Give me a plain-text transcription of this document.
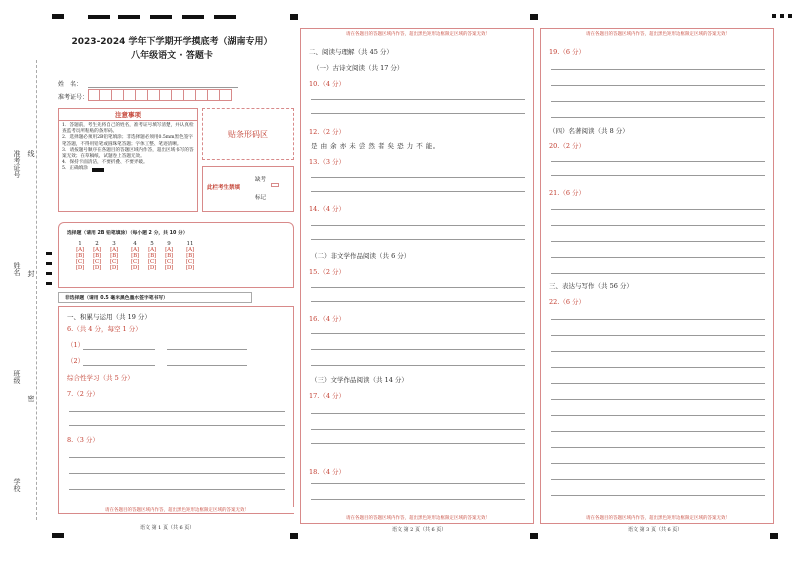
准考证号 线
姓名 封
班级
密
学校
2023-2024 学年下学期开学摸底考（湖南专用）
八年级语文 · 答题卡
姓　名：
准考证号：
注意事项
1．答题前，考生先将自己的姓名，准考证号填写清楚，并认真检查监考员所粘贴的条形码。
2．选择题必须用2B铅笔填涂；非选择题必须用0.5mm黑色签字笔答题，不得用铅笔或圆珠笔答题；字体工整、笔迹清晰。
3．请按题号顺序在各题目的答题区域内作答，超出区域书写的答案无效；在草稿纸、试题卷上答题无效。
4．保持卡面清洁，不要折叠、不要弄破。
5．正确填涂
贴条形码区
此栏考生禁填
缺考
标记
选择题（请用 2B 铅笔填涂）（每小题 2 分，共 10 分）
1
[A]
[B]
[C]
[D]
2
[A]
[B]
[C]
[D]
3
[A]
[B]
[C]
[D]
4
[A]
[B]
[C]
[D]
5
[A]
[B]
[C]
[D]
9
[A]
[B]
[C]
[D]
11
[A]
[B]
[C]
[D]
非选择题（请用 0.5 毫米黑色墨水签字笔书写）
一、积累与运用（共 19 分）
6.（共 4 分，每空 1 分）
（1）
（2）
综合性学习（共 5 分）
7.（2 分）
8.（3 分）
请在各题目的答题区域内作答，超出黑色矩形边框限定区域的答案无效！
语文 第 1 页（共 6 页）
请在各题目的答题区域内作答，超出黑色矩形边框限定区域的答案无效！
二、阅读与理解（共 45 分）
（一）古诗文阅读（共 17 分）
10.（4 分）
12.（2 分）
是 由 余 亦 未 尝 然 者 矣 恐 力 不 能。
13.（3 分）
14.（4 分）
（二）非文学作品阅读（共 6 分）
15.（2 分）
16.（4 分）
（三）文学作品阅读（共 14 分）
17.（4 分）
18.（4 分）
请在各题目的答题区域内作答，超出黑色矩形边框限定区域的答案无效！
语文 第 2 页（共 6 页）
请在各题目的答题区域内作答，超出黑色矩形边框限定区域的答案无效！
19.（6 分）
（四）名著阅读（共 8 分）
20.（2 分）
21.（6 分）
三、表达与写作（共 56 分）
22.（6 分）
请在各题目的答题区域内作答，超出黑色矩形边框限定区域的答案无效！
语文 第 3 页（共 6 页）
